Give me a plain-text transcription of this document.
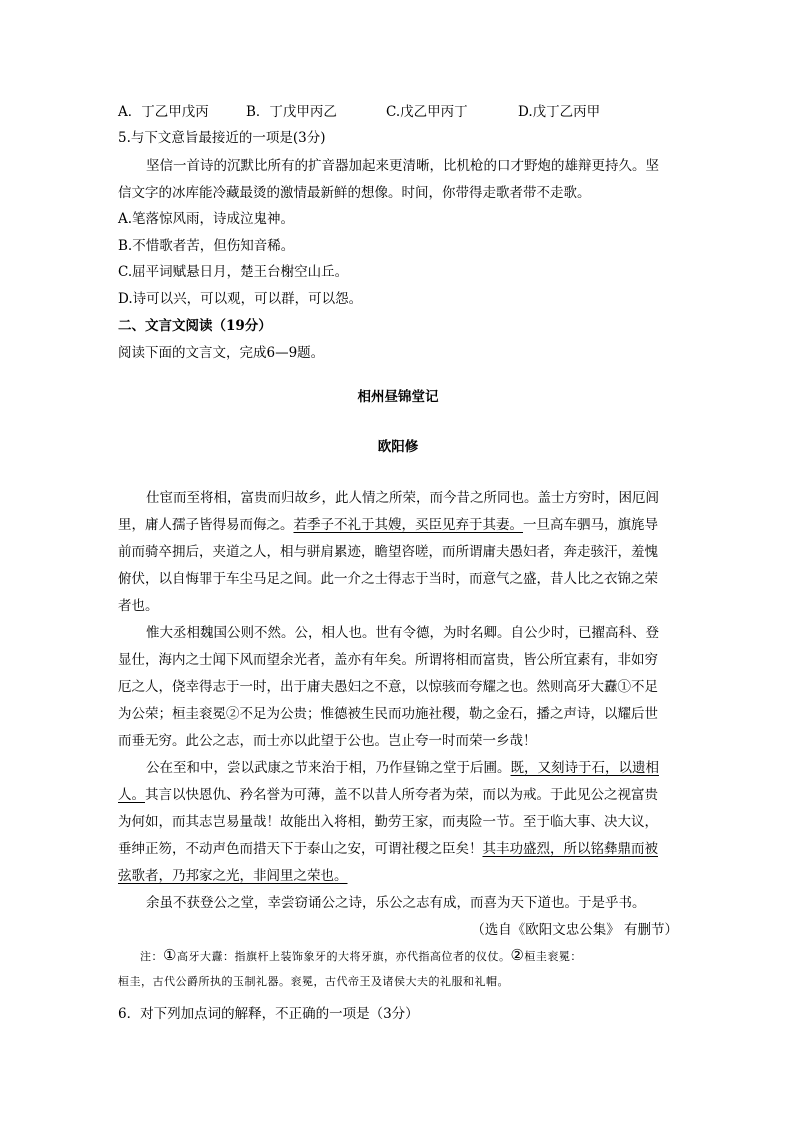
A．丁乙甲戊丙	B．丁戊甲丙乙	C.戊乙甲丙丁	D.戊丁乙丙甲
5.与下文意旨最接近的一项是(3分)
坚信一首诗的沉默比所有的扩音器加起来更清晰，比机枪的口才野炮的雄辩更持久。坚
信文字的冰库能冷藏最烫的激情最新鲜的想像。时间，你带得走歌者带不走歌。
A.笔落惊风雨，诗成泣鬼神。
B.不惜歌者苦，但伤知音稀。
C.屈平词赋悬日月，楚王台榭空山丘。
D.诗可以兴，可以观，可以群，可以怨。
二、文言文阅读（19分）
阅读下面的文言文，完成6—9题。
相州昼锦堂记
欧阳修
仕宦而至将相，富贵而归故乡，此人情之所荣，而今昔之所同也。盖士方穷时，困厄闾
里，庸人孺子皆得易而侮之。若季子不礼于其嫂，买臣见弃于其妻。一旦高车驷马，旗旄导
前而骑卒拥后，夹道之人，相与骈肩累迹，瞻望咨嗟，而所谓庸夫愚妇者，奔走骇汗，羞愧
俯伏，以自悔罪于车尘马足之间。此一介之士得志于当时，而意气之盛，昔人比之衣锦之荣
者也。
惟大丞相魏国公则不然。公，相人也。世有令德，为时名卿。自公少时，已擢高科、登
显仕，海内之士闻下风而望余光者，盖亦有年矣。所谓将相而富贵，皆公所宜素有，非如穷
厄之人，侥幸得志于一时，出于庸夫愚妇之不意，以惊骇而夸耀之也。然则高牙大纛①不足
为公荣；桓圭衮冕②不足为公贵；惟德被生民而功施社稷，勒之金石，播之声诗，以耀后世
而垂无穷。此公之志，而士亦以此望于公也。岂止夸一时而荣一乡哉！
公在至和中，尝以武康之节来治于相，乃作昼锦之堂于后圃。既，又刻诗于石，以遗相
人。其言以快恩仇、矜名誉为可薄，盖不以昔人所夸者为荣，而以为戒。于此见公之视富贵
为何如，而其志岂易量哉！故能出入将相，勤劳王家，而夷险一节。至于临大事、决大议，
垂绅正笏，不动声色而措天下于泰山之安，可谓社稷之臣矣！其丰功盛烈，所以铭彝鼎而被
弦歌者，乃邦家之光，非闾里之荣也。
余虽不获登公之堂，幸尝窃诵公之诗，乐公之志有成，而喜为天下道也。于是乎书。
（选自《欧阳文忠公集》 有删节）
注：①高牙大纛：指旗杆上装饰象牙的大将牙旗，亦代指高位者的仪仗。②桓圭衮冕：
桓圭，古代公爵所执的玉制礼器。衮冕，古代帝王及诸侯大夫的礼服和礼帽。
6．对下列加点词的解释，不正确的一项是（3分）
